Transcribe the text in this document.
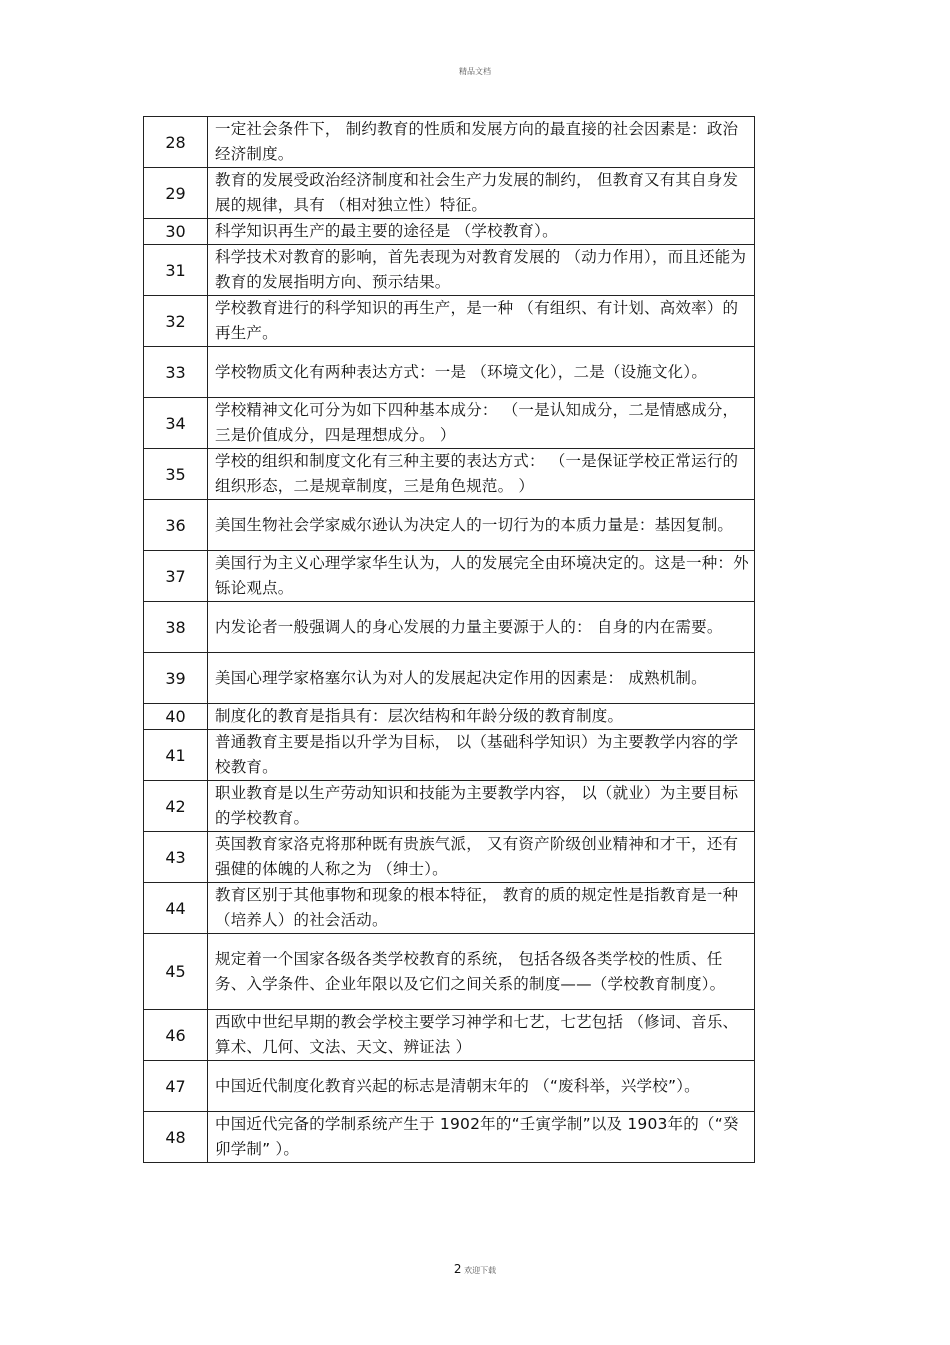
精品文档
28	一定社会条件下， 制约教育的性质和发展方向的最直接的社会因素是：政治经济制度。
29	教育的发展受政治经济制度和社会生产力发展的制约， 但教育又有其自身发展的规律，具有 （相对独立性）特征。
30	科学知识再生产的最主要的途径是 （学校教育）。
31	科学技术对教育的影响，首先表现为对教育发展的 （动力作用），而且还能为教育的发展指明方向、预示结果。
32	学校教育进行的科学知识的再生产，是一种 （有组织、有计划、高效率）的再生产。
33	学校物质文化有两种表达方式：一是 （环境文化），二是（设施文化）。
34	学校精神文化可分为如下四种基本成分： （一是认知成分，二是情感成分，三是价值成分，四是理想成分。 ）
35	学校的组织和制度文化有三种主要的表达方式： （一是保证学校正常运行的组织形态，二是规章制度，三是角色规范。 ）
36	美国生物社会学家威尔逊认为决定人的一切行为的本质力量是：基因复制。
37	美国行为主义心理学家华生认为，人的发展完全由环境决定的。这是一种：外铄论观点。
38	内发论者一般强调人的身心发展的力量主要源于人的： 自身的内在需要。
39	美国心理学家格塞尔认为对人的发展起决定作用的因素是： 成熟机制。
40	制度化的教育是指具有：层次结构和年龄分级的教育制度。
41	普通教育主要是指以升学为目标， 以（基础科学知识）为主要教学内容的学校教育。
42	职业教育是以生产劳动知识和技能为主要教学内容， 以（就业）为主要目标的学校教育。
43	英国教育家洛克将那种既有贵族气派， 又有资产阶级创业精神和才干，还有强健的体魄的人称之为 （绅士）。
44	教育区别于其他事物和现象的根本特征， 教育的质的规定性是指教育是一种（培养人）的社会活动。
45	规定着一个国家各级各类学校教育的系统， 包括各级各类学校的性质、任务、入学条件、企业年限以及它们之间关系的制度——（学校教育制度）。
46	西欧中世纪早期的教会学校主要学习神学和七艺，七艺包括 （修词、音乐、算术、几何、文法、天文、辨证法 ）
47	中国近代制度化教育兴起的标志是清朝末年的 （“废科举，兴学校”）。
48	中国近代完备的学制系统产生于 1902年的“壬寅学制”以及 1903年的（“癸卯学制” ）。
2 欢迎下载
